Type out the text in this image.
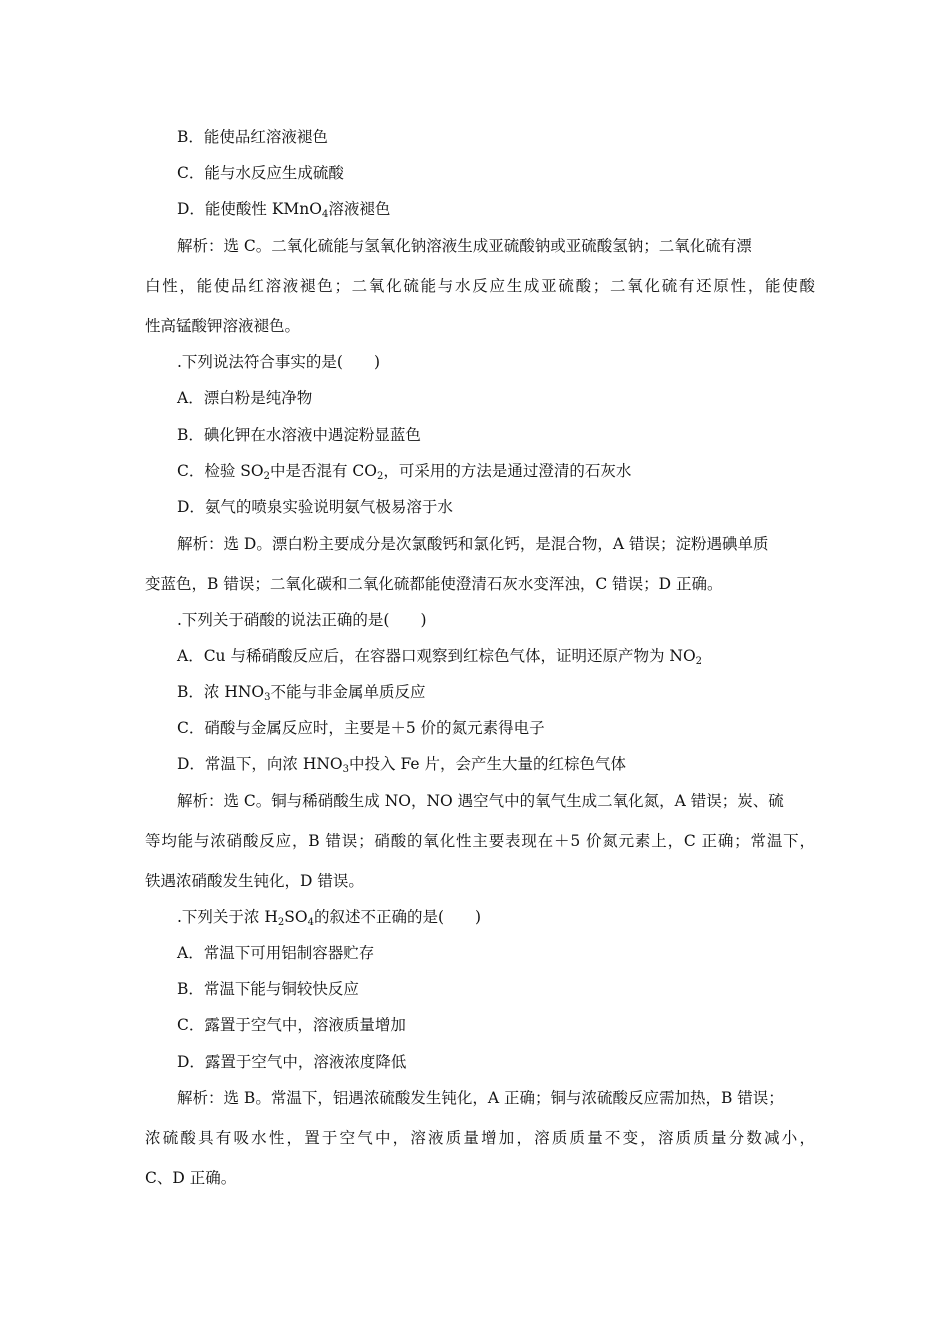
B．能使品红溶液褪色
C．能与水反应生成硫酸
D．能使酸性 KMnO$_4$溶液褪色
解析：选 C。二氧化硫能与氢氧化钠溶液生成亚硫酸钠或亚硫酸氢钠；二氧化硫有漂
白性，能使品红溶液褪色；二氧化硫能与水反应生成亚硫酸；二氧化硫有还原性，能使酸
性高锰酸钾溶液褪色。
.下列说法符合事实的是(　　)
A．漂白粉是纯净物
B．碘化钾在水溶液中遇淀粉显蓝色
C．检验 $SO_2$中是否混有 $CO_2$，可采用的方法是通过澄清的石灰水
D．氨气的喷泉实验说明氨气极易溶于水
解析：选 D。漂白粉主要成分是次氯酸钙和氯化钙，是混合物，A 错误；淀粉遇碘单质
变蓝色，B 错误；二氧化碳和二氧化硫都能使澄清石灰水变浑浊，C 错误；D 正确。
.下列关于硝酸的说法正确的是(　　)
A．Cu 与稀硝酸反应后，在容器口观察到红棕色气体，证明还原产物为 $NO_2$
B．浓 $HNO_3$不能与非金属单质反应
C．硝酸与金属反应时，主要是＋5 价的氮元素得电子
D．常温下，向浓 $HNO_3$中投入 Fe 片，会产生大量的红棕色气体
解析：选 C。铜与稀硝酸生成 NO，NO 遇空气中的氧气生成二氧化氮，A 错误；炭、硫
等均能与浓硝酸反应，B 错误；硝酸的氧化性主要表现在＋5 价氮元素上，C 正确；常温下，
铁遇浓硝酸发生钝化，D 错误。
.下列关于浓 $H_2SO_4$的叙述不正确的是(　　)
A．常温下可用铝制容器贮存
B．常温下能与铜较快反应
C．露置于空气中，溶液质量增加
D．露置于空气中，溶液浓度降低
解析：选 B。常温下，铝遇浓硫酸发生钝化，A 正确；铜与浓硫酸反应需加热，B 错误；
浓硫酸具有吸水性，置于空气中，溶液质量增加，溶质质量不变，溶质质量分数减小，
C、D 正确。
